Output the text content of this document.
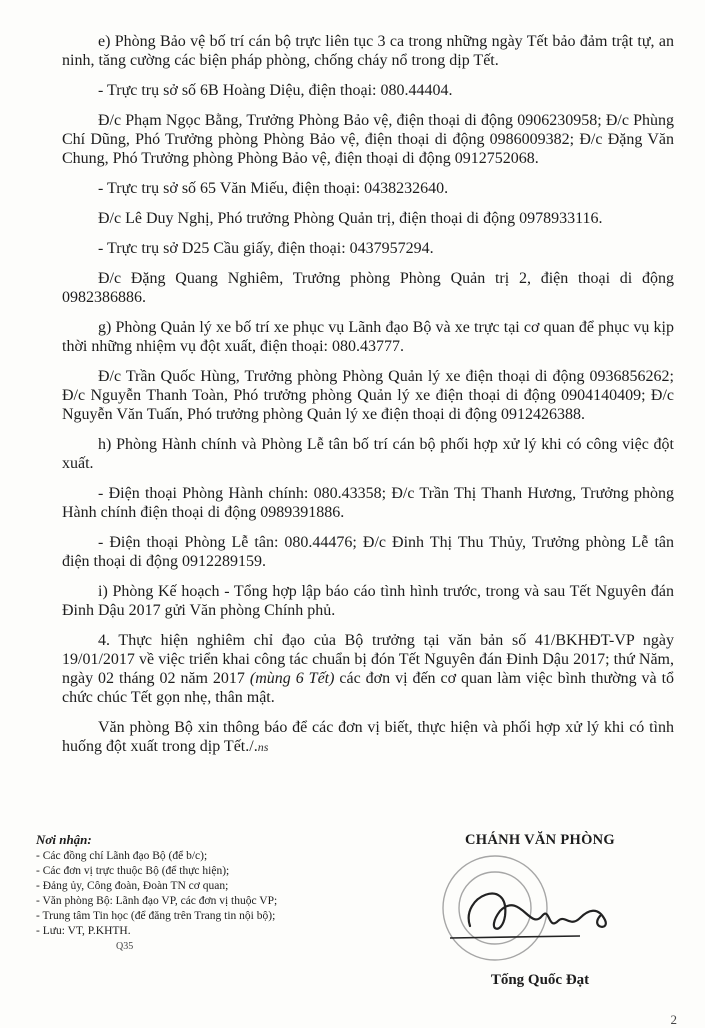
e) Phòng Bảo vệ bố trí cán bộ trực liên tục 3 ca trong những ngày Tết bảo đảm trật tự, an ninh, tăng cường các biện pháp phòng, chống cháy nổ trong dịp Tết.

- Trực trụ sở số 6B Hoàng Diệu, điện thoại: 080.44404.

Đ/c Phạm Ngọc Bằng, Trưởng Phòng Bảo vệ, điện thoại di động 0906230958; Đ/c Phùng Chí Dũng, Phó Trưởng phòng Phòng Bảo vệ, điện thoại di động 0986009382; Đ/c Đặng Văn Chung, Phó Trưởng phòng Phòng Bảo vệ, điện thoại di động 0912752068.

- Trực trụ sở số 65 Văn Miếu, điện thoại: 0438232640.

Đ/c Lê Duy Nghị, Phó trưởng Phòng Quản trị, điện thoại di động 0978933116.

- Trực trụ sở D25 Cầu giấy, điện thoại: 0437957294.

Đ/c Đặng Quang Nghiêm, Trưởng phòng Phòng Quản trị 2, điện thoại di động 0982386886.

g) Phòng Quản lý xe bố trí xe phục vụ Lãnh đạo Bộ và xe trực tại cơ quan để phục vụ kịp thời những nhiệm vụ đột xuất, điện thoại: 080.43777.

Đ/c Trần Quốc Hùng, Trưởng phòng Phòng Quản lý xe điện thoại di động 0936856262; Đ/c Nguyễn Thanh Toàn, Phó trưởng phòng Quản lý xe điện thoại di động 0904140409; Đ/c Nguyễn Văn Tuấn, Phó trưởng phòng Quản lý xe điện thoại di động 0912426388.

h) Phòng Hành chính và Phòng Lễ tân bố trí cán bộ phối hợp xử lý khi có công việc đột xuất.

- Điện thoại Phòng Hành chính: 080.43358; Đ/c Trần Thị Thanh Hương, Trưởng phòng Hành chính điện thoại di động 0989391886.

- Điện thoại Phòng Lễ tân: 080.44476; Đ/c Đinh Thị Thu Thủy, Trưởng phòng Lễ tân điện thoại di động 0912289159.

i) Phòng Kế hoạch - Tổng hợp lập báo cáo tình hình trước, trong và sau Tết Nguyên đán Đinh Dậu 2017 gửi Văn phòng Chính phủ.

4. Thực hiện nghiêm chỉ đạo của Bộ trưởng tại văn bản số 41/BKHĐT-VP ngày 19/01/2017 về việc triển khai công tác chuẩn bị đón Tết Nguyên đán Đinh Dậu 2017; thứ Năm, ngày 02 tháng 02 năm 2017 (mùng 6 Tết) các đơn vị đến cơ quan làm việc bình thường và tổ chức chúc Tết gọn nhẹ, thân mật.

Văn phòng Bộ xin thông báo để các đơn vị biết, thực hiện và phối hợp xử lý khi có tình huống đột xuất trong dịp Tết./.ns

Nơi nhận:
- Các đồng chí Lãnh đạo Bộ (để b/c);
- Các đơn vị trực thuộc Bộ (để thực hiện);
- Đảng ủy, Công đoàn, Đoàn TN cơ quan;
- Văn phòng Bộ: Lãnh đạo VP, các đơn vị thuộc VP;
- Trung tâm Tin học (để đăng trên Trang tin nội bộ);
- Lưu: VT, P.KHTH.
Q35
CHÁNH VĂN PHÒNG
Tống Quốc Đạt
2
